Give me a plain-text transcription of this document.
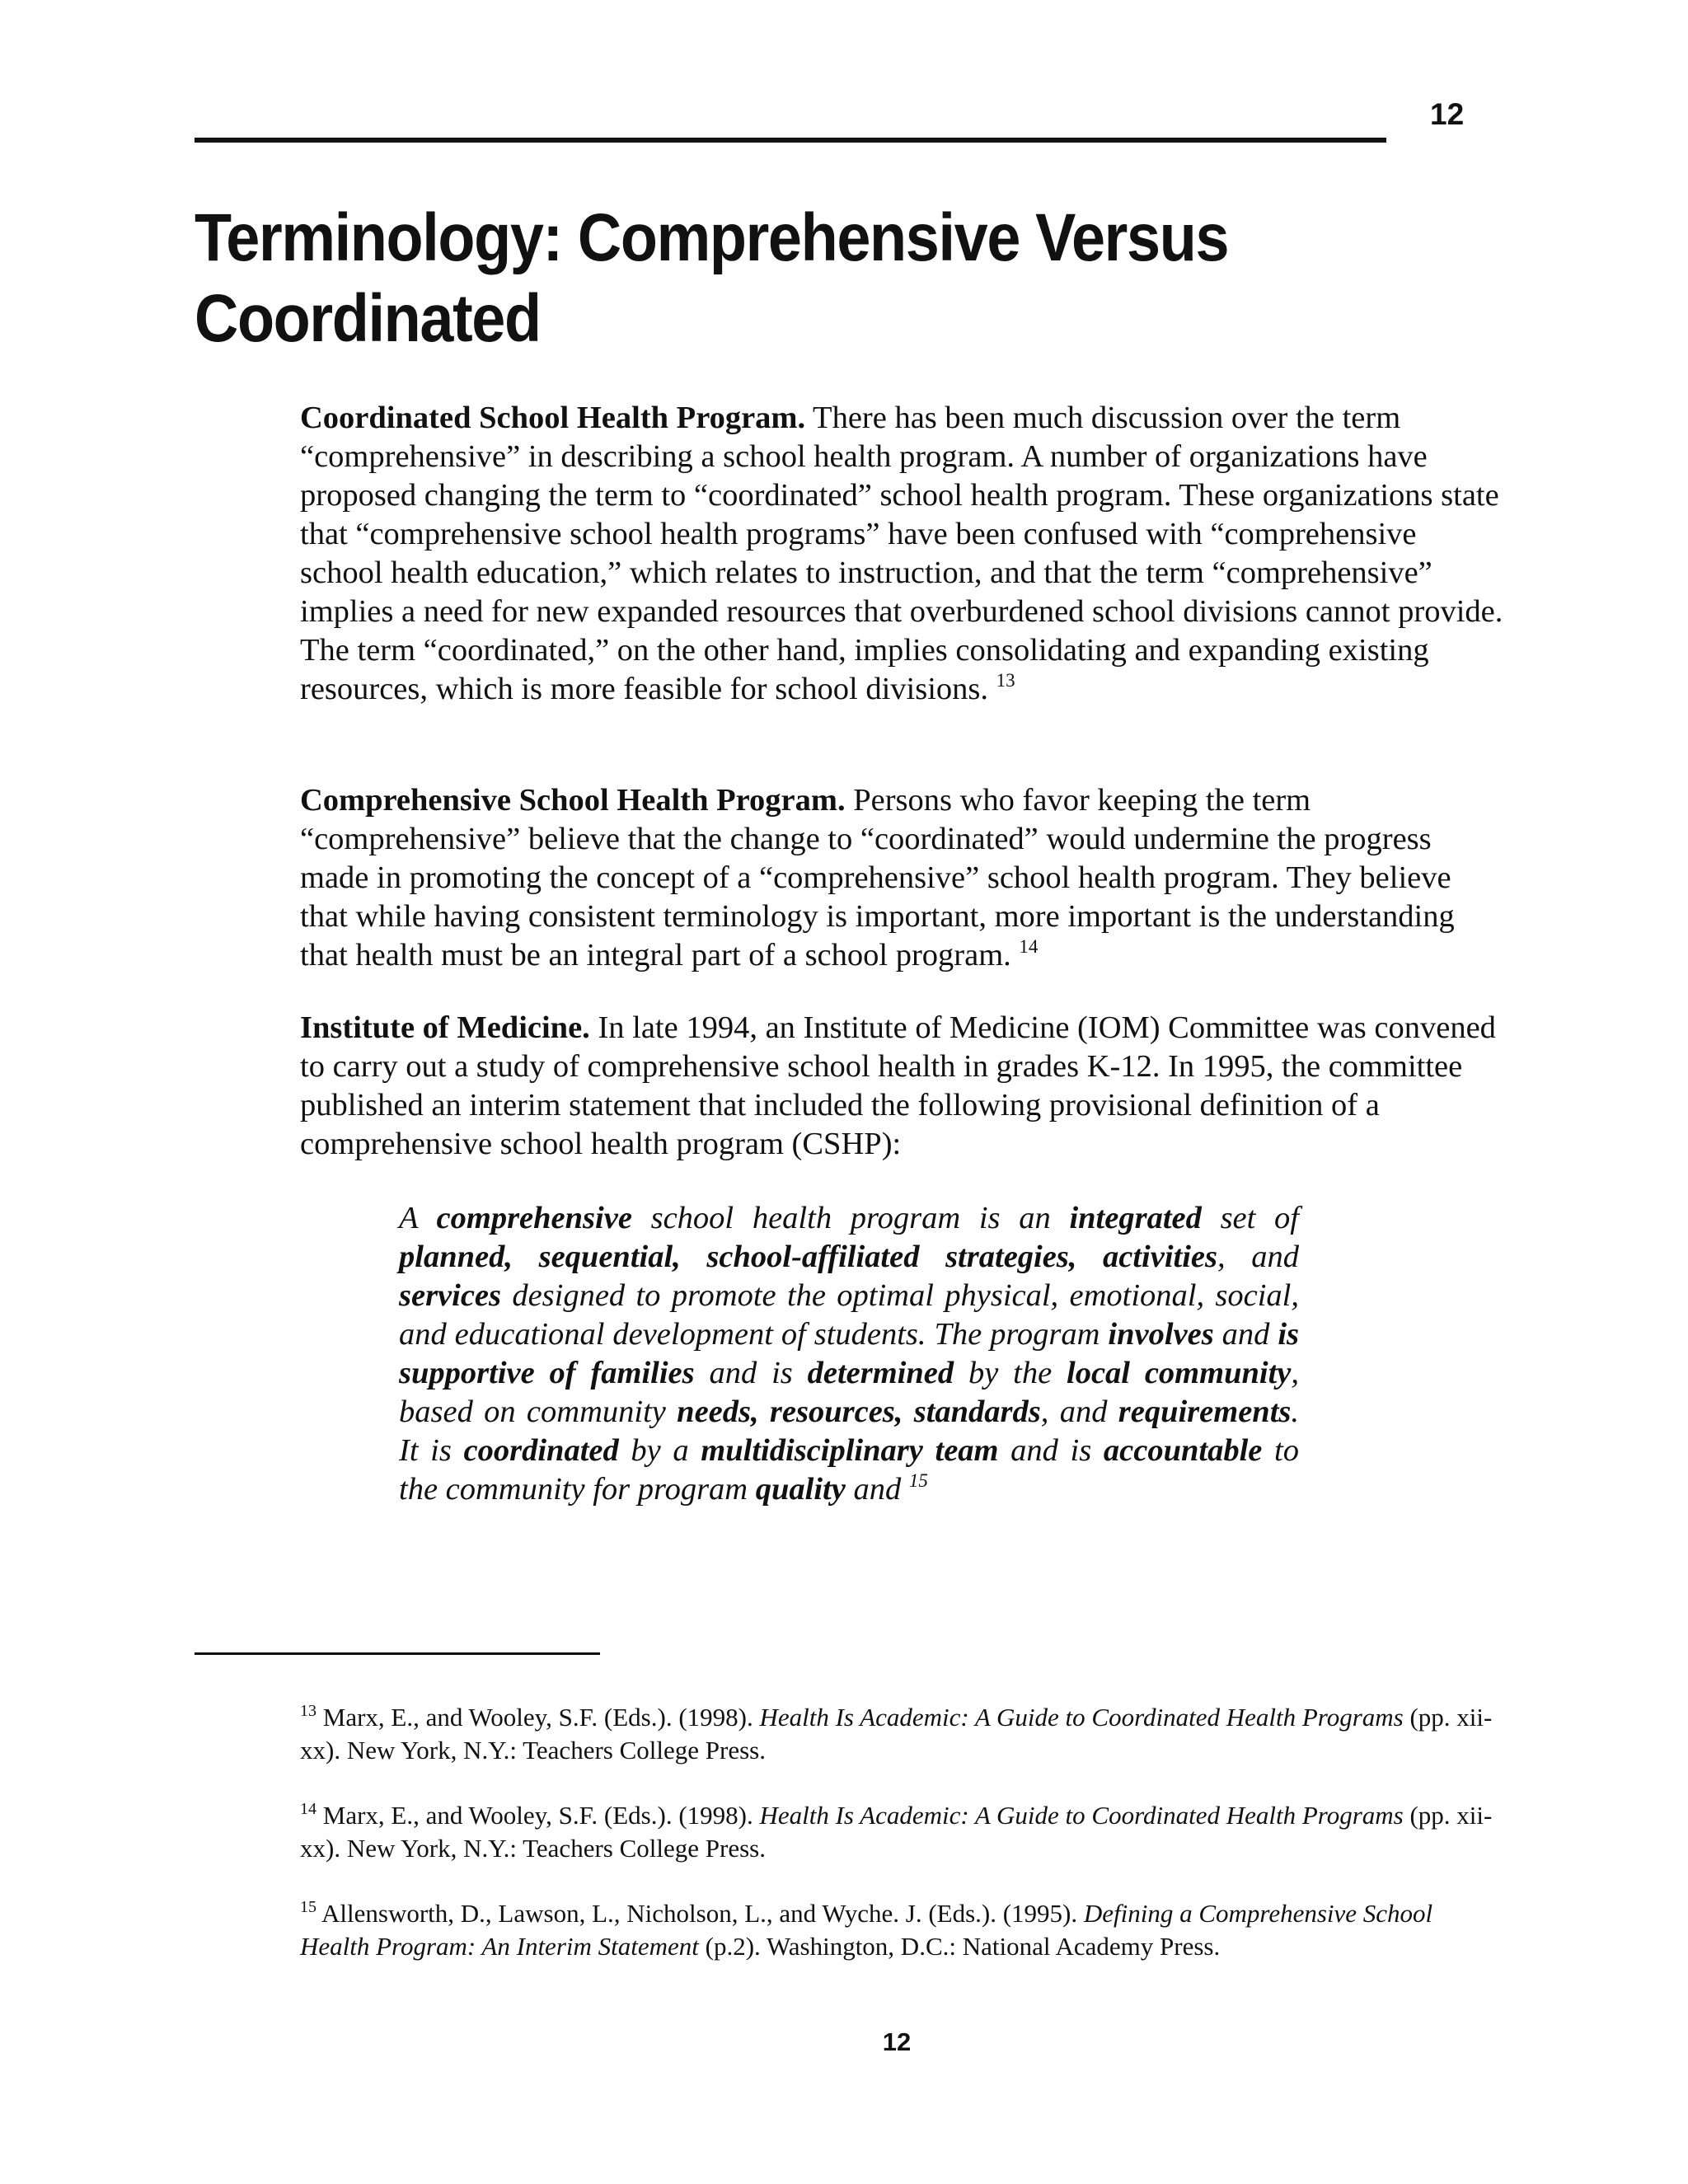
12
Terminology: Comprehensive Versus Coordinated

Coordinated School Health Program. There has been much discussion over the term “comprehensive” in describing a school health program. A number of organizations have proposed changing the term to “coordinated” school health program. These organizations state that “comprehensive school health programs” have been confused with “comprehensive school health education,” which relates to instruction, and that the term “comprehensive” implies a need for new expanded resources that overburdened school divisions cannot provide. The term “coordinated,” on the other hand, implies consolidating and expanding existing resources, which is more feasible for school divisions. $^{13}$

Comprehensive School Health Program. Persons who favor keeping the term “comprehensive” believe that the change to “coordinated” would undermine the progress made in promoting the concept of a “comprehensive” school health program. They believe that while having consistent terminology is important, more important is the understanding that health must be an integral part of a school program. $^{14}$

Institute of Medicine. In late 1994, an Institute of Medicine (IOM) Committee was convened to carry out a study of comprehensive school health in grades K-12. In 1995, the committee published an interim statement that included the following provisional definition of a comprehensive school health program (CSHP):

A comprehensive school health program is an integrated set of planned, sequential, school-affiliated strategies, activities, and services designed to promote the optimal physical, emotional, social, and educational development of students. The program involves and is supportive of families and is determined by the local community, based on community needs, resources, standards, and requirements. It is coordinated by a multidisciplinary team and is accountable to the community for program quality and $^{15}$

$^{13}$ Marx, E., and Wooley, S.F. (Eds.). (1998). Health Is Academic: A Guide to Coordinated Health Programs (pp. xii-xx). New York, N.Y.: Teachers College Press.

$^{14}$ Marx, E., and Wooley, S.F. (Eds.). (1998). Health Is Academic: A Guide to Coordinated Health Programs (pp. xii-xx). New York, N.Y.: Teachers College Press.

$^{15}$ Allensworth, D., Lawson, L., Nicholson, L., and Wyche. J. (Eds.). (1995). Defining a Comprehensive School Health Program: An Interim Statement (p.2). Washington, D.C.: National Academy Press.

12
